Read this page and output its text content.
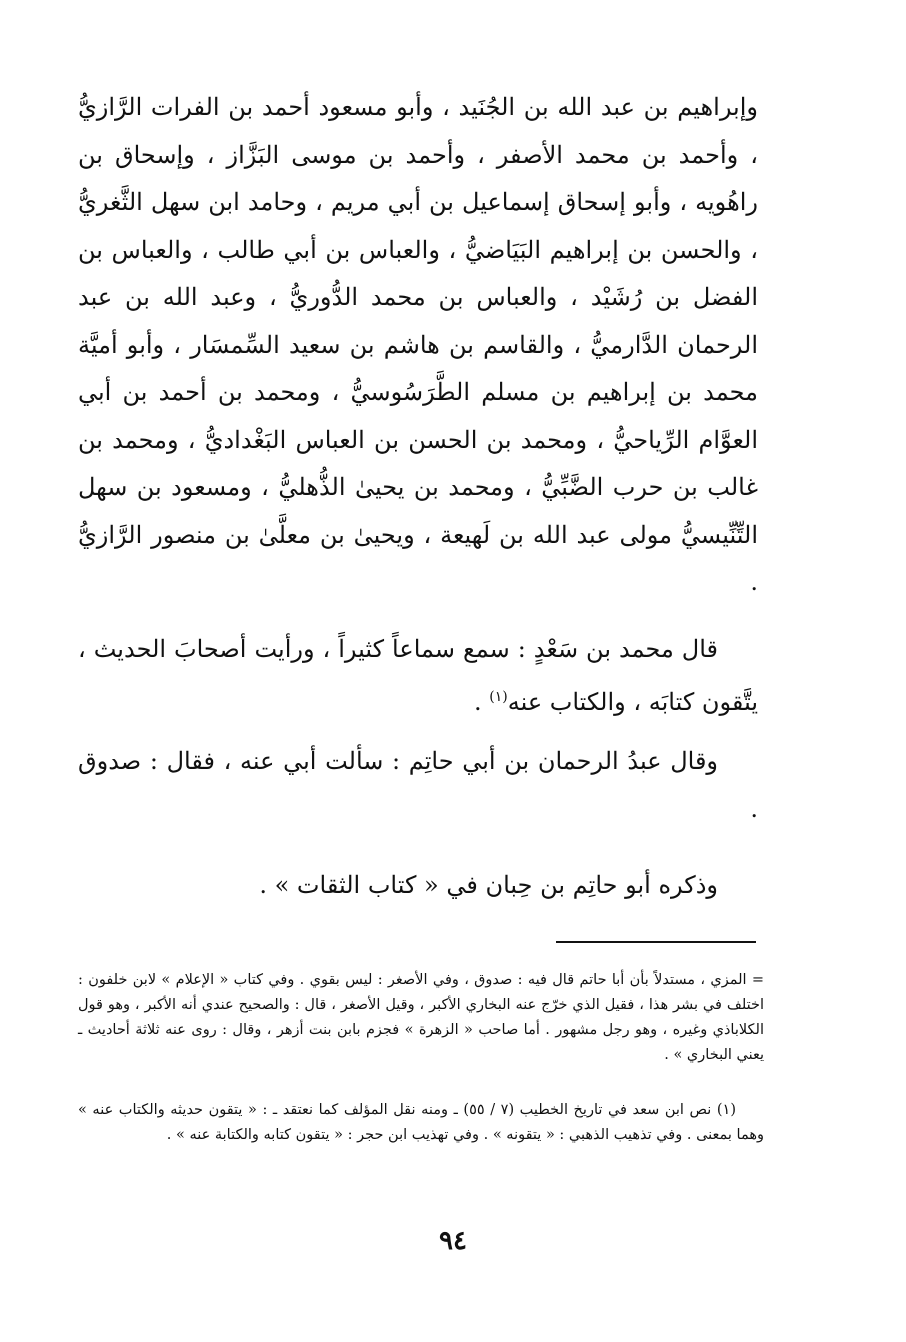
وإبراهيم بن عبد الله بن الجُنَيد ، وأبو مسعود أحمد بن الفرات الرَّازيُّ ، وأحمد بن محمد الأصفر ، وأحمد بن موسى البَزَّاز ، وإسحاق بن راهُويه ، وأبو إسحاق إسماعيل بن أبي مريم ، وحامد ابن سهل الثَّغريُّ ، والحسن بن إبراهيم البَيَاضيُّ ، والعباس بن أبي طالب ، والعباس بن الفضل بن رُشَيْد ، والعباس بن محمد الدُّوريُّ ، وعبد الله بن عبد الرحمان الدَّارميُّ ، والقاسم بن هاشم بن سعيد السِّمسَار ، وأبو أميَّة محمد بن إبراهيم بن مسلم الطَّرَسُوسيُّ ، ومحمد بن أحمد بن أبي العوَّام الرِّياحيُّ ، ومحمد بن الحسن بن العباس البَغْداديُّ ، ومحمد بن غالب بن حرب الضَّبِّيُّ ، ومحمد بن يحيىٰ الذُّهليُّ ، ومسعود بن سهل التِّنِّيسيُّ مولى عبد الله بن لَهيعة ، ويحيىٰ بن معلَّىٰ بن منصور الرَّازيُّ .

قال محمد بن سَعْدٍ : سمع سماعاً كثيراً ، ورأيت أصحابَ الحديث ، يتَّقون كتابَه ، والكتاب عنه$^{(١)}$ .

وقال عبدُ الرحمان بن أبي حاتِم : سألت أبي عنه ، فقال : صدوق .

وذكره أبو حاتِم بن حِبان في « كتاب الثقات » .

= المزي ، مستدلاً بأن أبا حاتم قال فيه : صدوق ، وفي الأصغر : ليس بقوي . وفي كتاب « الإعلام » لابن خلفون : اختلف في بشر هذا ، فقيل الذي خرّج عنه البخاري الأكبر ، وقيل الأصغر ، قال : والصحيح عندي أنه الأكبر ، وهو قول الكلاباذي وغيره ، وهو رجل مشهور . أما صاحب « الزهرة » فجزم بابن بنت أزهر ، وقال : روى عنه ثلاثة أحاديث ـ يعني البخاري » .

(١) نص ابن سعد في تاريخ الخطيب (٧ / ٥٥) ـ ومنه نقل المؤلف كما نعتقد ـ : « يتقون حديثه والكتاب عنه » وهما بمعنى . وفي تذهيب الذهبي : « يتقونه » . وفي تهذيب ابن حجر : « يتقون كتابه والكتابة عنه » .

٩٤
